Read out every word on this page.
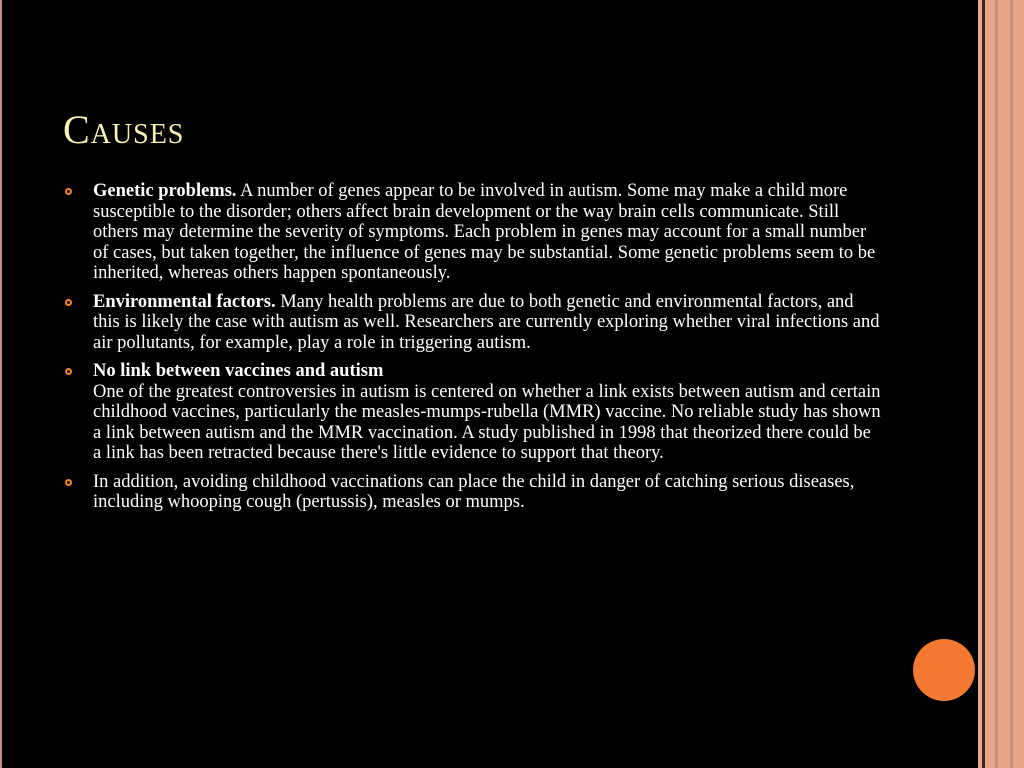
Causes
Genetic problems. A number of genes appear to be involved in autism. Some may make a child more susceptible to the disorder; others affect brain development or the way brain cells communicate. Still others may determine the severity of symptoms. Each problem in genes may account for a small number of cases, but taken together, the influence of genes may be substantial. Some genetic problems seem to be inherited, whereas others happen spontaneously.
Environmental factors. Many health problems are due to both genetic and environmental factors, and this is likely the case with autism as well. Researchers are currently exploring whether viral infections and air pollutants, for example, play a role in triggering autism.
No link between vaccines and autism
One of the greatest controversies in autism is centered on whether a link exists between autism and certain childhood vaccines, particularly the measles-mumps-rubella (MMR) vaccine. No reliable study has shown a link between autism and the MMR vaccination. A study published in 1998 that theorized there could be a link has been retracted because there's little evidence to support that theory.
In addition, avoiding childhood vaccinations can place the child in danger of catching serious diseases, including whooping cough (pertussis), measles or mumps.
